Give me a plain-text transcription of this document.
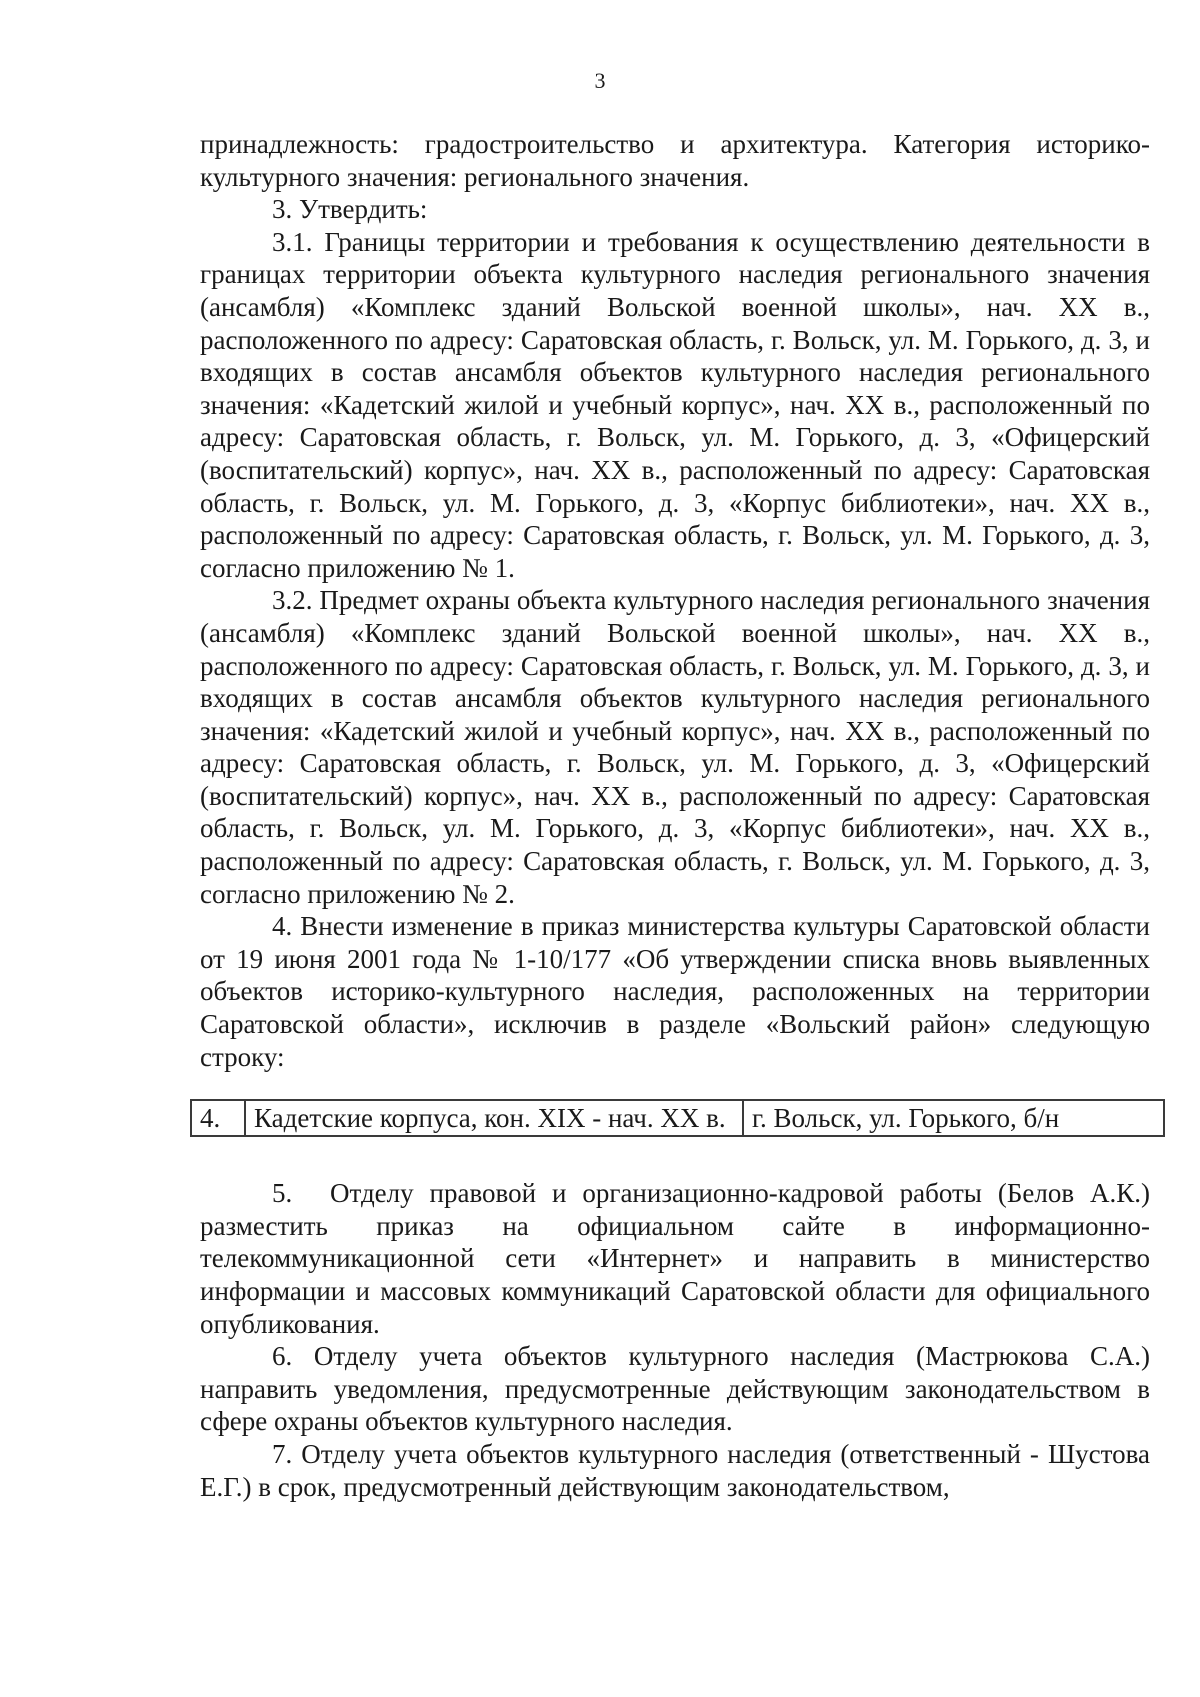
3

принадлежность: градостроительство и архитектура. Категория историко-культурного значения: регионального значения.

3. Утвердить:

3.1. Границы территории и требования к осуществлению деятельности в границах территории объекта культурного наследия регионального значения (ансамбля) «Комплекс зданий Вольской военной школы», нач. XX в., расположенного по адресу: Саратовская область, г. Вольск, ул. М. Горького, д. 3, и входящих в состав ансамбля объектов культурного наследия регионального значения: «Кадетский жилой и учебный корпус», нач. XX в., расположенный по адресу: Саратовская область, г. Вольск, ул. М. Горького, д. 3, «Офицерский (воспитательский) корпус», нач. XX в., расположенный по адресу: Саратовская область, г. Вольск, ул. М. Горького, д. 3, «Корпус библиотеки», нач. XX в., расположенный по адресу: Саратовская область, г. Вольск, ул. М. Горького, д. 3, согласно приложению № 1.

3.2. Предмет охраны объекта культурного наследия регионального значения (ансамбля) «Комплекс зданий Вольской военной школы», нач. XX в., расположенного по адресу: Саратовская область, г. Вольск, ул. М. Горького, д. 3, и входящих в состав ансамбля объектов культурного наследия регионального значения: «Кадетский жилой и учебный корпус», нач. XX в., расположенный по адресу: Саратовская область, г. Вольск, ул. М. Горького, д. 3, «Офицерский (воспитательский) корпус», нач. XX в., расположенный по адресу: Саратовская область, г. Вольск, ул. М. Горького, д. 3, «Корпус библиотеки», нач. XX в., расположенный по адресу: Саратовская область, г. Вольск, ул. М. Горького, д. 3, согласно приложению № 2.

4. Внести изменение в приказ министерства культуры Саратовской области от 19 июня 2001 года № 1-10/177 «Об утверждении списка вновь выявленных объектов историко-культурного наследия, расположенных на территории Саратовской области», исключив в разделе «Вольский район» следующую строку:

4.	Кадетские корпуса, кон. XIX - нач. XX в.	г. Вольск, ул. Горького, б/н

5. Отделу правовой и организационно-кадровой работы (Белов А.К.) разместить приказ на официальном сайте в информационно-телекоммуникационной сети «Интернет» и направить в министерство информации и массовых коммуникаций Саратовской области для официального опубликования.

6. Отделу учета объектов культурного наследия (Мастрюкова С.А.) направить уведомления, предусмотренные действующим законодательством в сфере охраны объектов культурного наследия.

7. Отделу учета объектов культурного наследия (ответственный - Шустова Е.Г.) в срок, предусмотренный действующим законодательством,
